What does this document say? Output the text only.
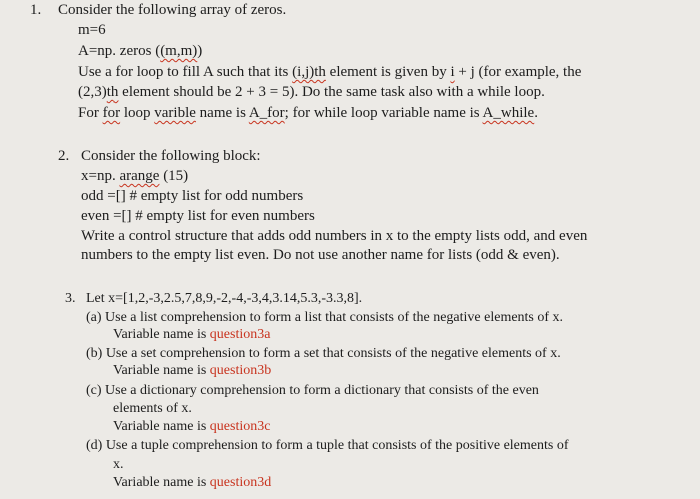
1. Consider the following array of zeros.
m=6
A=np. zeros ((m,m))
Use a for loop to fill A such that its (i,j)th element is given by i + j (for example, the
(2,3)th element should be 2 + 3 = 5). Do the same task also with a while loop.
For for loop varible name is A_for; for while loop variable name is A_while.
2. Consider the following block:
x=np. arange (15)
odd =[] # empty list for odd numbers
even =[] # empty list for even numbers
Write a control structure that adds odd numbers in x to the empty lists odd, and even
numbers to the empty list even. Do not use another name for lists (odd & even).
3. Let x=[1,2,-3,2.5,7,8,9,-2,-4,-3,4,3.14,5.3,-3.3,8].
(a) Use a list comprehension to form a list that consists of the negative elements of x.
Variable name is question3a
(b) Use a set comprehension to form a set that consists of the negative elements of x.
Variable name is question3b
(c) Use a dictionary comprehension to form a dictionary that consists of the even
elements of x.
Variable name is question3c
(d) Use a tuple comprehension to form a tuple that consists of the positive elements of
x.
Variable name is question3d
